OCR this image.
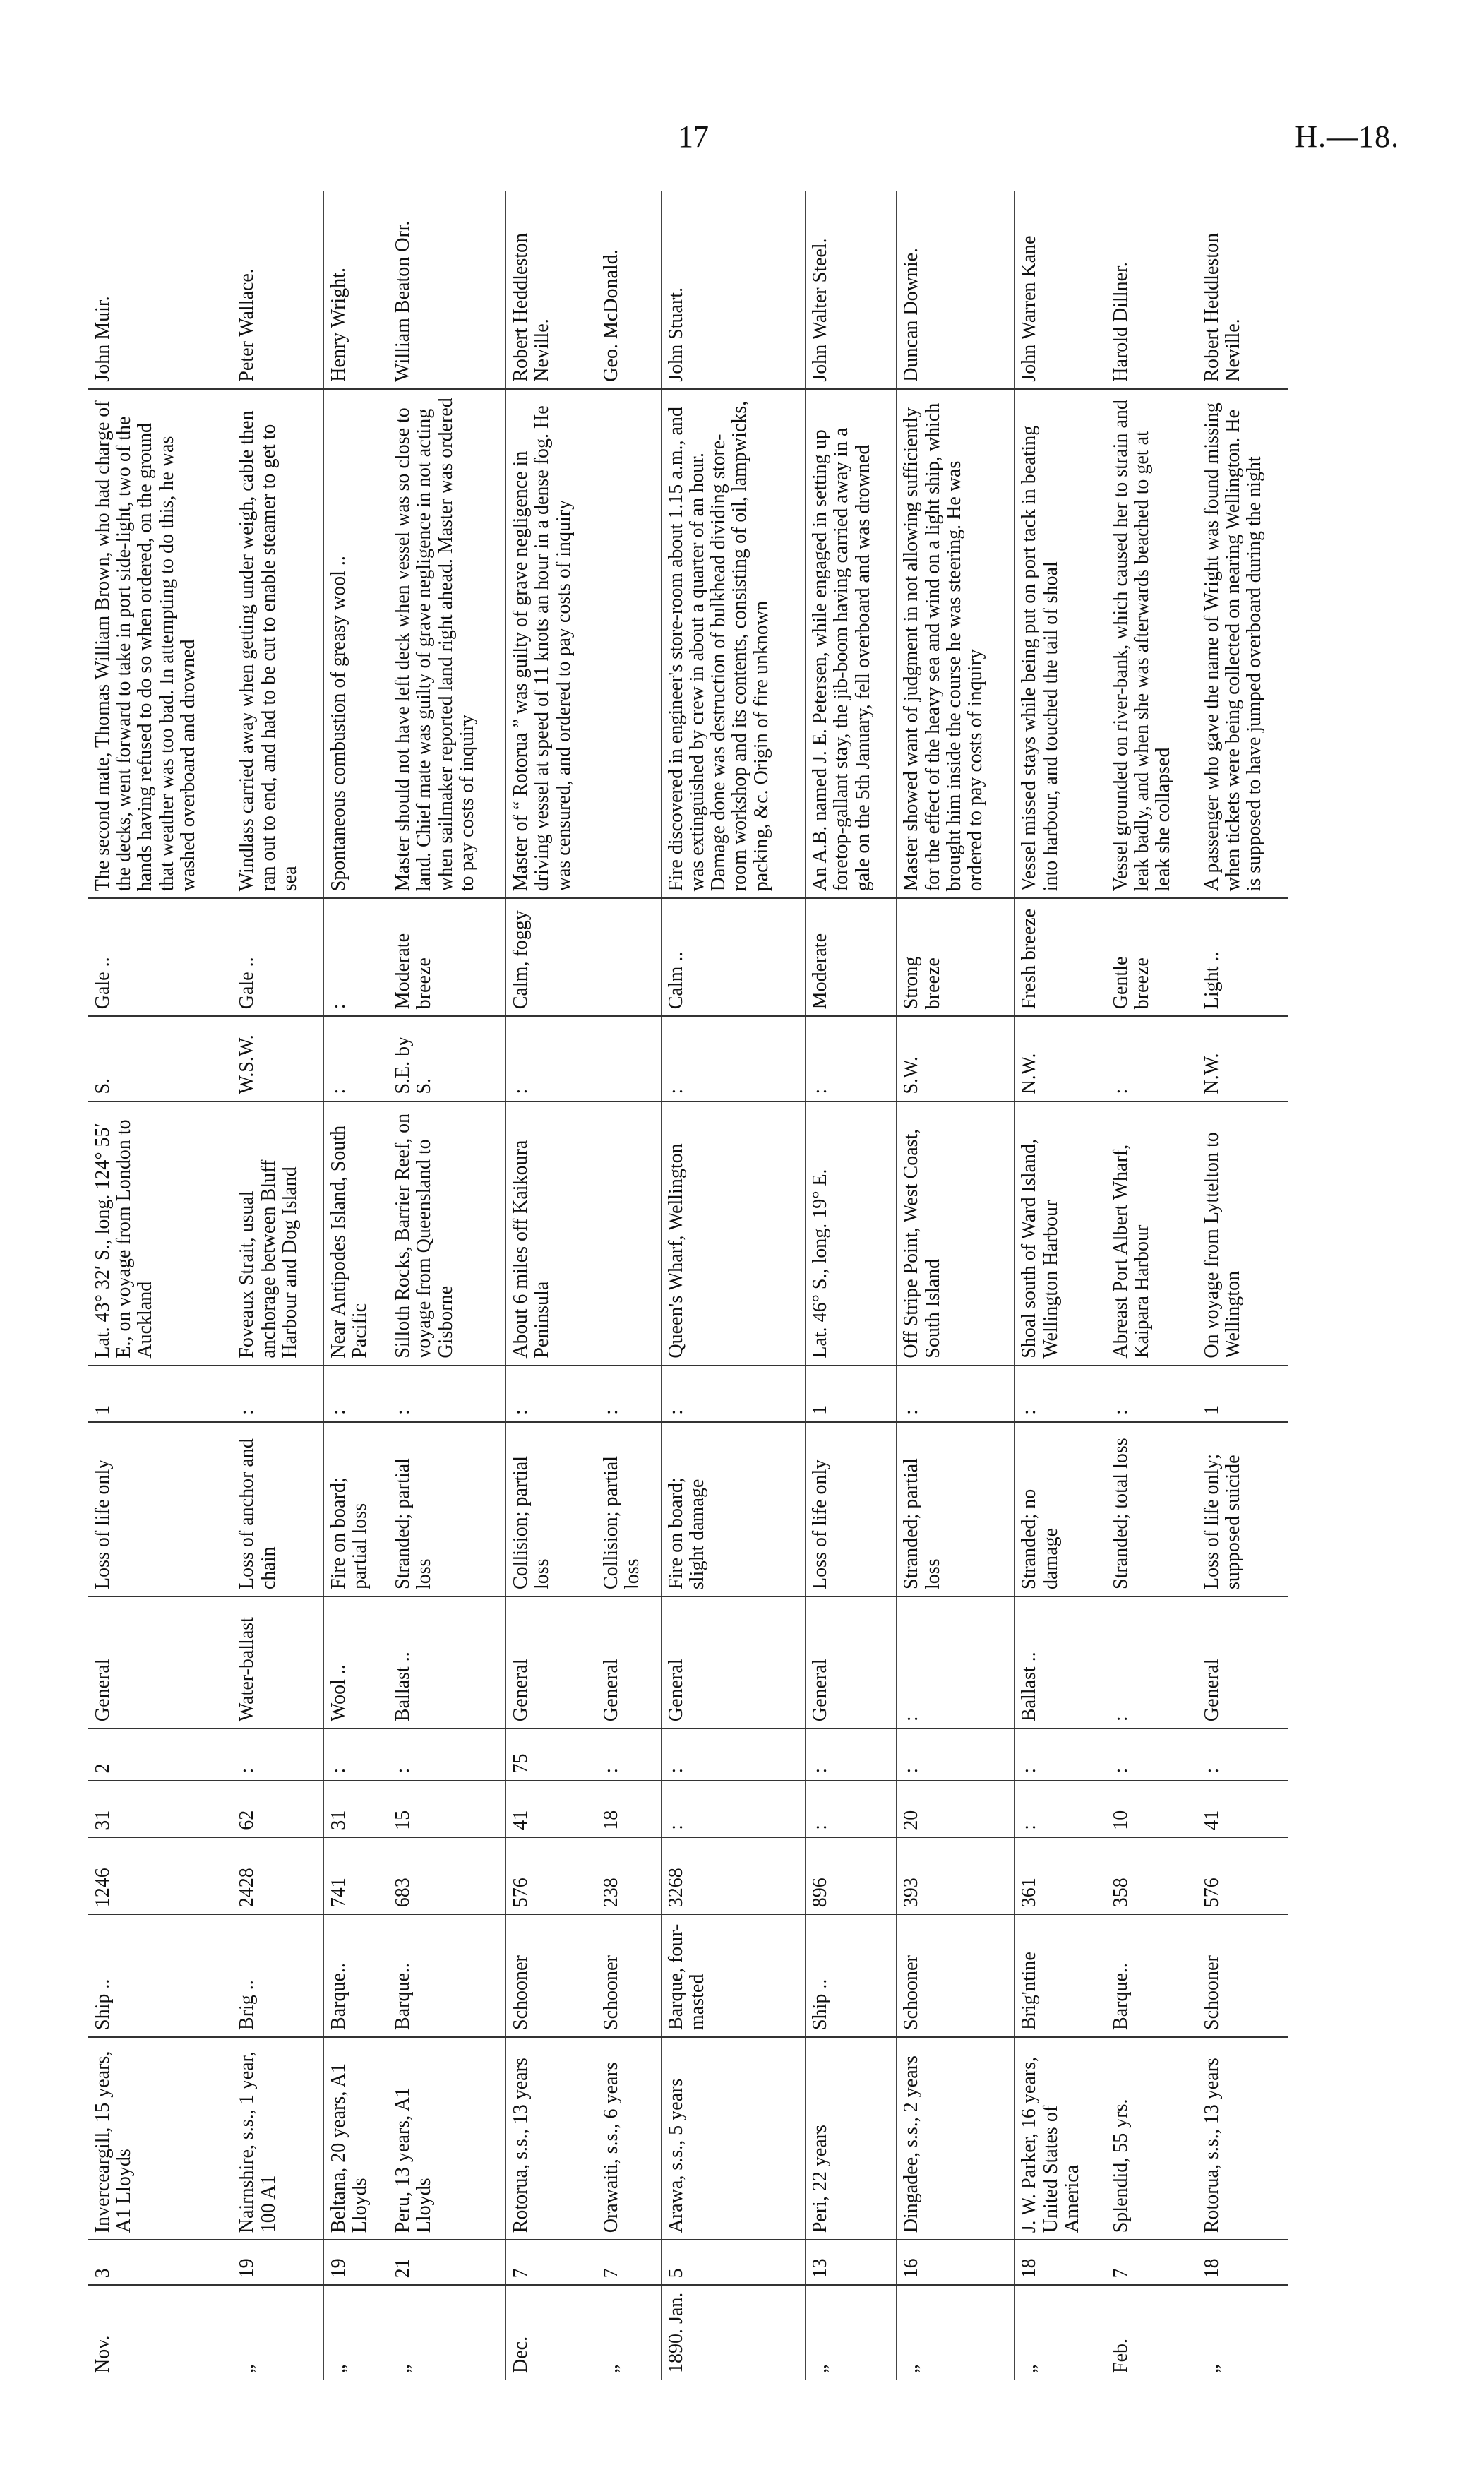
17	H.—18.
Nov.	3	Inverceargill, 15 years, A1 Lloyds	Ship ..	1246	31	2	General	Loss of life only	1	Lat. 43° 32′ S., long. 124° 55′ E., on voyage from London to Auckland	S.	Gale ..	The second mate, Thomas William Brown, who had charge of the decks, went forward to take in port side-light, two of the hands having refused to do so when ordered, on the ground that weather was too bad. In attempting to do this, he was washed overboard and drowned	John Muir.
„	19	Nairnshire, s.s., 1 year, 100 A1	Brig ..	2428	62	:	Water-ballast	Loss of anchor and chain	:	Foveaux Strait, usual anchorage between Bluff Harbour and Dog Island	W.S.W.	Gale ..	Windlass carried away when getting under weigh, cable then ran out to end, and had to be cut to enable steamer to get to sea	Peter Wallace.
„	19	Beltana, 20 years, A1 Lloyds	Barque..	741	31	:	Wool ..	Fire on board; partial loss	:	Near Antipodes Island, South Pacific	:	:	Spontaneous combustion of greasy wool ..	Henry Wright.
„	21	Peru, 13 years, A1 Lloyds	Barque..	683	15	:	Ballast ..	Stranded; partial loss	:	Silloth Rocks, Barrier Reef, on voyage from Queensland to Gisborne	S.E. by S.	Moderate breeze	Master should not have left deck when vessel was so close to land. Chief mate was guilty of grave negligence in not acting when sailmaker reported land right ahead. Master was ordered to pay costs of inquiry	William Beaton Orr.
Dec.	7	Rotorua, s.s., 13 years	Schooner	576	41	75	General	Collision; partial loss	:	About 6 miles off Kaikoura Peninsula	:	Calm, foggy	Master of “ Rotorua ” was guilty of grave negligence in driving vessel at speed of 11 knots an hour in a dense fog. He was censured, and ordered to pay costs of inquiry	Robert Heddleston Neville.
„	7	Orawaiti, s.s., 6 years	Schooner	238	18	:	General	Collision; partial loss	:					Geo. McDonald.
1890. Jan.	5	Arawa, s.s., 5 years	Barque, four-masted	3268	:	:	General	Fire on board; slight damage	:	Queen's Wharf, Wellington	:	Calm ..	Fire discovered in engineer's store-room about 1.15 a.m., and was extinguished by crew in about a quarter of an hour. Damage done was destruction of bulkhead dividing store-room workshop and its contents, consisting of oil, lampwicks, packing, &c. Origin of fire unknown	John Stuart.
„	13	Peri, 22 years	Ship ..	896	:	:	General	Loss of life only	1	Lat. 46° S., long. 19° E.	:	Moderate	An A.B. named J. E. Petersen, while engaged in setting up foretop-gallant stay, the jib-boom having carried away in a gale on the 5th January, fell overboard and was drowned	John Walter Steel.
„	16	Dingadee, s.s., 2 years	Schooner	393	20	:	:	Stranded; partial loss	:	Off Stripe Point, West Coast, South Island	S.W.	Strong breeze	Master showed want of judgment in not allowing sufficiently for the effect of the heavy sea and wind on a light ship, which brought him inside the course he was steering. He was ordered to pay costs of inquiry	Duncan Downie.
„	18	J. W. Parker, 16 years, United States of America	Brig'ntine	361	:	:	Ballast ..	Stranded; no damage	:	Shoal south of Ward Island, Wellington Harbour	N.W.	Fresh breeze	Vessel missed stays while being put on port tack in beating into harbour, and touched the tail of shoal	John Warren Kane
Feb.	7	Splendid, 55 yrs.	Barque..	358	10	:	:	Stranded; total loss	:	Abreast Port Albert Wharf, Kaipara Harbour	:	Gentle breeze	Vessel grounded on river-bank, which caused her to strain and leak badly, and when she was afterwards beached to get at leak she collapsed	Harold Dillner.
„	18	Rotorua, s.s., 13 years	Schooner	576	41	:	General	Loss of life only; supposed suicide	1	On voyage from Lyttelton to Wellington	N.W.	Light ..	A passenger who gave the name of Wright was found missing when tickets were being collected on nearing Wellington. He is supposed to have jumped overboard during the night	Robert Heddleston Neville.
